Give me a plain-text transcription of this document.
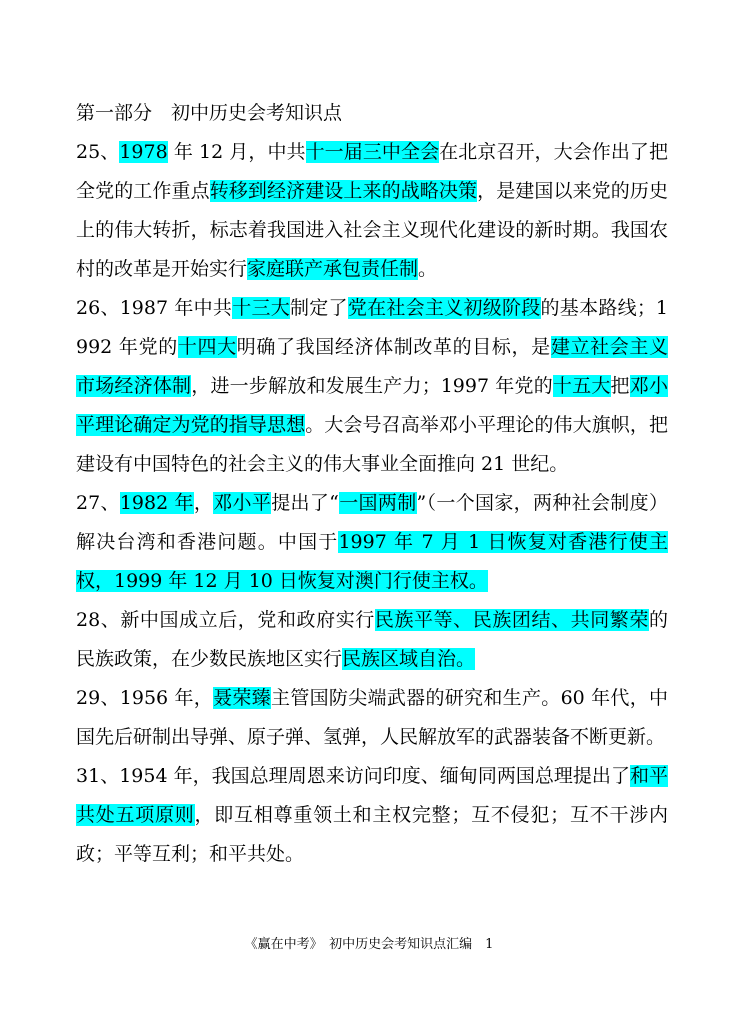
第一部分　初中历史会考知识点

25、1978 年 12 月，中共十一届三中全会在北京召开，大会作出了把全党的工作重点转移到经济建设上来的战略决策，是建国以来党的历史上的伟大转折，标志着我国进入社会主义现代化建设的新时期。我国农村的改革是开始实行家庭联产承包责任制。

26、1987 年中共十三大制定了党在社会主义初级阶段的基本路线；1992 年党的十四大明确了我国经济体制改革的目标，是建立社会主义市场经济体制，进一步解放和发展生产力；1997 年党的十五大把邓小平理论确定为党的指导思想。大会号召高举邓小平理论的伟大旗帜，把建设有中国特色的社会主义的伟大事业全面推向 21 世纪。

27、1982 年，邓小平提出了“一国两制”（一个国家，两种社会制度）解决台湾和香港问题。中国于1997 年 7 月 1 日恢复对香港行使主权，1999 年 12 月 10 日恢复对澳门行使主权。

28、新中国成立后，党和政府实行民族平等、民族团结、共同繁荣的民族政策，在少数民族地区实行民族区域自治。

29、1956 年，聂荣臻主管国防尖端武器的研究和生产。60 年代，中国先后研制出导弹、原子弹、氢弹，人民解放军的武器装备不断更新。

31、1954 年，我国总理周恩来访问印度、缅甸同两国总理提出了和平共处五项原则，即互相尊重领土和主权完整；互不侵犯；互不干涉内政；平等互利；和平共处。

《赢在中考》　初中历史会考知识点汇编　1
